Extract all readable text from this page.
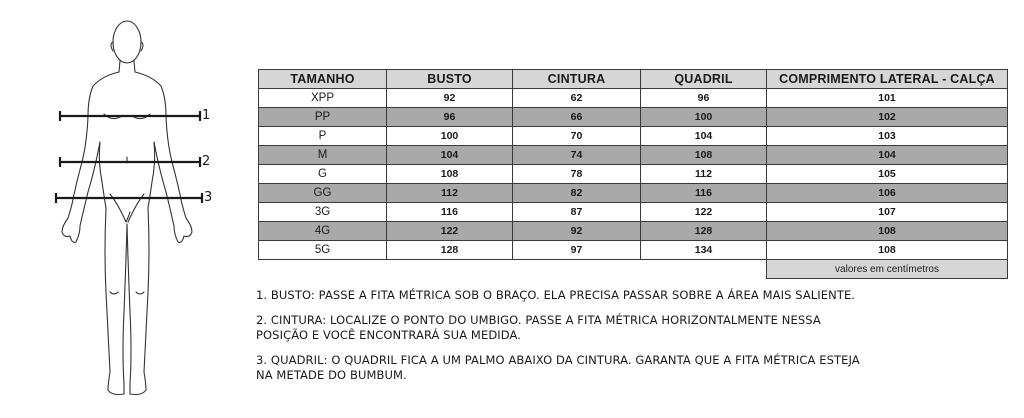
1
2
3
TAMANHO	BUSTO	CINTURA	QUADRIL	COMPRIMENTO LATERAL - CALÇA
XPP	92	62	96	101
PP	96	66	100	102
P	100	70	104	103
M	104	74	108	104
G	108	78	112	105
GG	112	82	116	106
3G	116	87	122	107
4G	122	92	128	108
5G	128	97	134	108
				valores em centímetros

1. BUSTO: PASSE A FITA MÉTRICA SOB O BRAÇO. ELA PRECISA PASSAR SOBRE A ÁREA MAIS SALIENTE.

2. CINTURA: LOCALIZE O PONTO DO UMBIGO. PASSE A FITA MÉTRICA HORIZONTALMENTE NESSA
POSIÇÃO E VOCÊ ENCONTRARÁ SUA MEDIDA.

3. QUADRIL: O QUADRIL FICA A UM PALMO ABAIXO DA CINTURA. GARANTA QUE A FITA MÉTRICA ESTEJA
NA METADE DO BUMBUM.
